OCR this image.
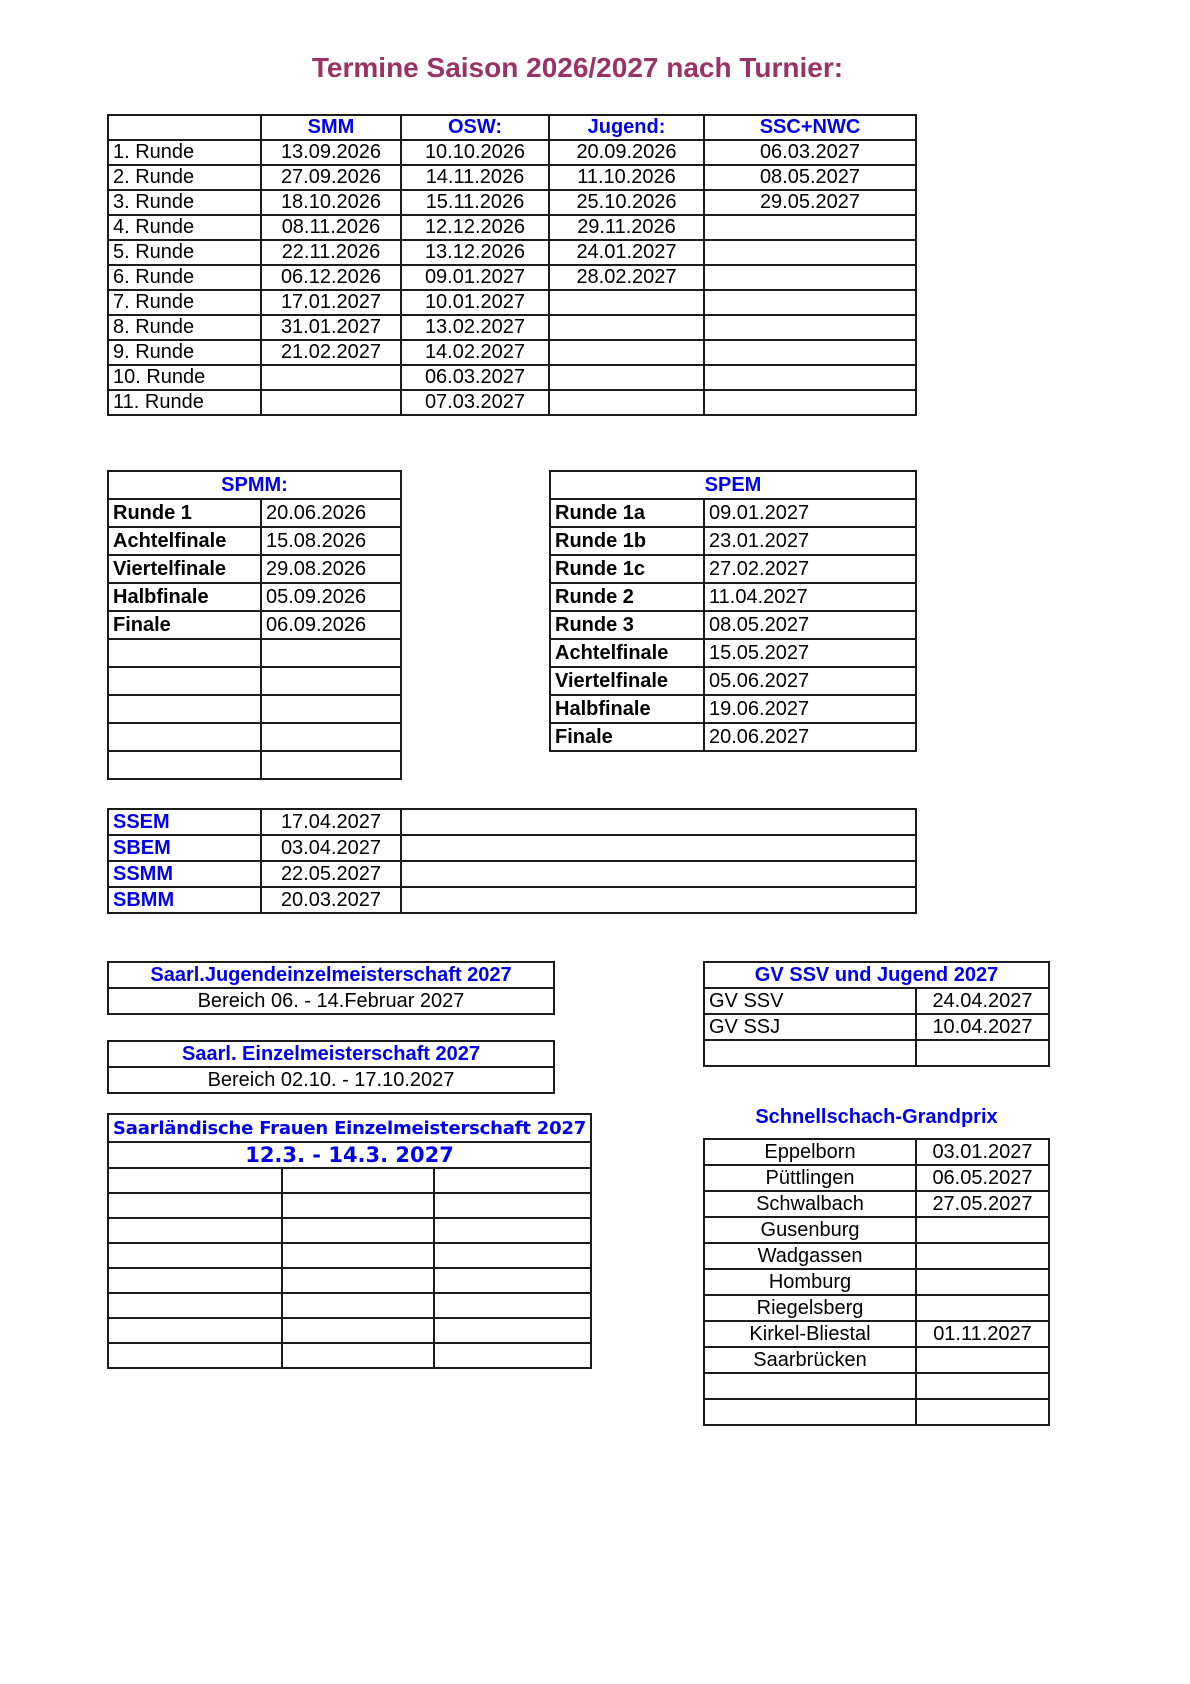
Termine Saison 2026/2027 nach Turnier:
	SMM	OSW:	Jugend:	SSC+NWC
1. Runde	13.09.2026	10.10.2026	20.09.2026	06.03.2027
2. Runde	27.09.2026	14.11.2026	11.10.2026	08.05.2027
3. Runde	18.10.2026	15.11.2026	25.10.2026	29.05.2027
4. Runde	08.11.2026	12.12.2026	29.11.2026	
5. Runde	22.11.2026	13.12.2026	24.01.2027	
6. Runde	06.12.2026	09.01.2027	28.02.2027	
7. Runde	17.01.2027	10.01.2027		
8. Runde	31.01.2027	13.02.2027		
9. Runde	21.02.2027	14.02.2027		
10. Runde		06.03.2027		
11. Runde		07.03.2027		
SPMM:	
Runde 1	20.06.2026
Achtelfinale	15.08.2026
Viertelfinale	29.08.2026
Halbfinale	05.09.2026
Finale	06.09.2026

SPEM	
Runde 1a	09.01.2027
Runde 1b	23.01.2027
Runde 1c	27.02.2027
Runde 2	11.04.2027
Runde 3	08.05.2027
Achtelfinale	15.05.2027
Viertelfinale	05.06.2027
Halbfinale	19.06.2027
Finale	20.06.2027
SSEM	17.04.2027	
SBEM	03.04.2027	
SSMM	22.05.2027	
SBMM	20.03.2027	
Saarl.Jugendeinzelmeisterschaft 2027
Bereich 06. - 14.Februar 2027
GV SSV und Jugend 2027	
GV SSV	24.04.2027
GV SSJ	10.04.2027

Saarl. Einzelmeisterschaft 2027
Bereich 02.10. - 17.10.2027
Saarländische Frauen Einzelmeisterschaft 2027		
12.3. - 14.3. 2027		

Schnellschach-Grandprix
Eppelborn	03.01.2027
Püttlingen	06.05.2027
Schwalbach	27.05.2027
Gusenburg	
Wadgassen	
Homburg	
Riegelsberg	
Kirkel-Bliestal	01.11.2027
Saarbrücken	
